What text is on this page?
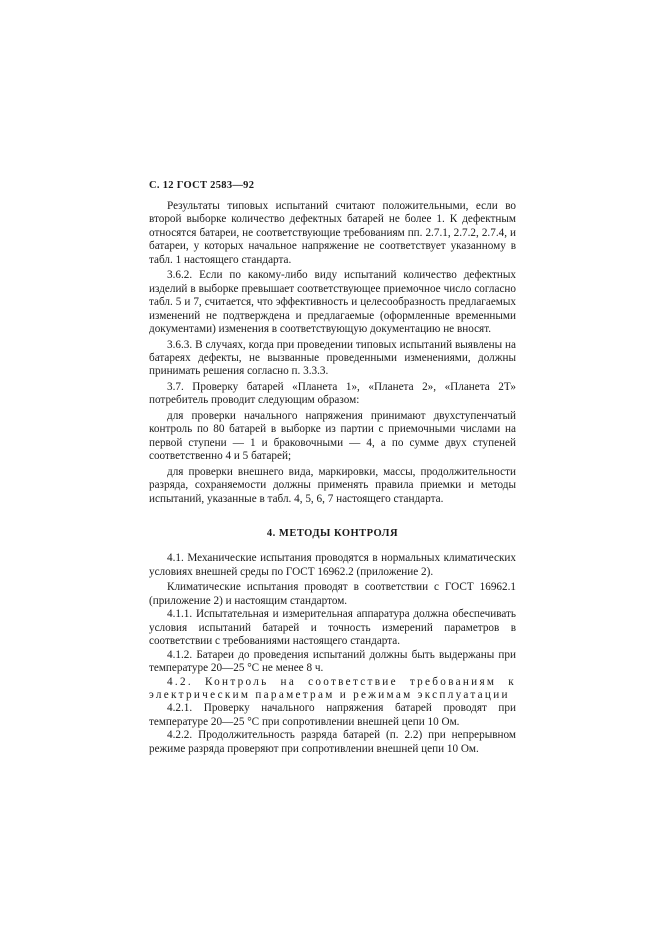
С. 12 ГОСТ 2583—92

Результаты типовых испытаний считают положительными, если во второй выборке количество дефектных батарей не более 1. К дефектным относятся батареи, не соответствующие требованиям пп. 2.7.1, 2.7.2, 2.7.4, и батареи, у которых начальное напряжение не соответствует указанному в табл. 1 настоящего стандарта.

3.6.2. Если по какому-либо виду испытаний количество дефектных изделий в выборке превышает соответствующее приемочное число согласно табл. 5 и 7, считается, что эффективность и целесообразность предлагаемых изменений не подтверждена и предлагаемые (оформленные временными документами) изменения в соответствующую документацию не вносят.

3.6.3. В случаях, когда при проведении типовых испытаний выявлены на батареях дефекты, не вызванные проведенными изменениями, должны принимать решения согласно п. 3.3.3.

3.7. Проверку батарей «Планета 1», «Планета 2», «Планета 2Т» потребитель проводит следующим образом:

для проверки начального напряжения принимают двухступенчатый контроль по 80 батарей в выборке из партии с приемочными числами на первой ступени — 1 и браковочными — 4, а по сумме двух ступеней соответственно 4 и 5 батарей;

для проверки внешнего вида, маркировки, массы, продолжительности разряда, сохраняемости должны применять правила приемки и методы испытаний, указанные в табл. 4, 5, 6, 7 настоящего стандарта.

4. МЕТОДЫ КОНТРОЛЯ

4.1. Механические испытания проводятся в нормальных климатических условиях внешней среды по ГОСТ 16962.2 (приложение 2).

Климатические испытания проводят в соответствии с ГОСТ 16962.1 (приложение 2) и настоящим стандартом.

4.1.1. Испытательная и измерительная аппаратура должна обеспечивать условия испытаний батарей и точность измерений параметров в соответствии с требованиями настоящего стандарта.

4.1.2. Батареи до проведения испытаний должны быть выдержаны при температуре 20—25 °С не менее 8 ч.

4.2. Контроль на соответствие требованиям к электрическим параметрам и режимам эксплуатации

4.2.1. Проверку начального напряжения батарей проводят при температуре 20—25 °С при сопротивлении внешней цепи 10 Ом.

4.2.2. Продолжительность разряда батарей (п. 2.2) при непрерывном режиме разряда проверяют при сопротивлении внешней цепи 10 Ом.
